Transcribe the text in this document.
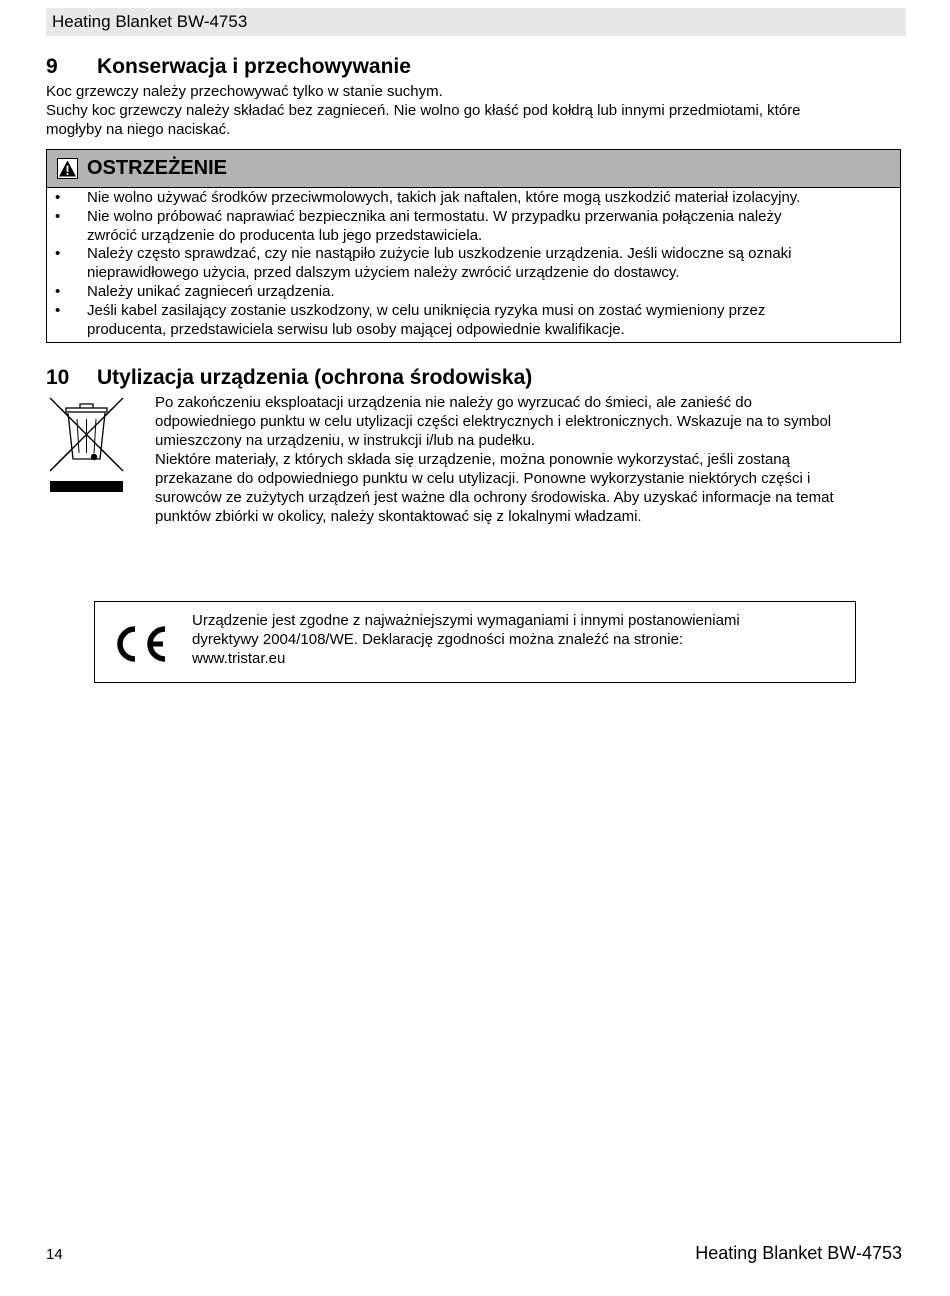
Heating Blanket BW-4753
9 Konserwacja i przechowywanie
Koc grzewczy należy przechowywać tylko w stanie suchym.
Suchy koc grzewczy należy składać bez zagnieceń. Nie wolno go kłaść pod kołdrą lub innymi przedmiotami, które
mogłyby na niego naciskać.
OSTRZEŻENIE
• Nie wolno używać środków przeciwmolowych, takich jak naftalen, które mogą uszkodzić materiał izolacyjny.
• Nie wolno próbować naprawiać bezpiecznika ani termostatu. W przypadku przerwania połączenia należy
zwrócić urządzenie do producenta lub jego przedstawiciela.
• Należy często sprawdzać, czy nie nastąpiło zużycie lub uszkodzenie urządzenia. Jeśli widoczne są oznaki
nieprawidłowego użycia, przed dalszym użyciem należy zwrócić urządzenie do dostawcy.
• Należy unikać zagnieceń urządzenia.
• Jeśli kabel zasilający zostanie uszkodzony, w celu uniknięcia ryzyka musi on zostać wymieniony przez
producenta, przedstawiciela serwisu lub osoby mającej odpowiednie kwalifikacje.
10 Utylizacja urządzenia (ochrona środowiska)
Po zakończeniu eksploatacji urządzenia nie należy go wyrzucać do śmieci, ale zanieść do
odpowiedniego punktu w celu utylizacji części elektrycznych i elektronicznych. Wskazuje na to symbol
umieszczony na urządzeniu, w instrukcji i/lub na pudełku.
Niektóre materiały, z których składa się urządzenie, można ponownie wykorzystać, jeśli zostaną
przekazane do odpowiedniego punktu w celu utylizacji. Ponowne wykorzystanie niektórych części i
surowców ze zużytych urządzeń jest ważne dla ochrony środowiska. Aby uzyskać informacje na temat
punktów zbiórki w okolicy, należy skontaktować się z lokalnymi władzami.
Urządzenie jest zgodne z najważniejszymi wymaganiami i innymi postanowieniami
dyrektywy 2004/108/WE. Deklarację zgodności można znaleźć na stronie:
www.tristar.eu
14	Heating Blanket BW-4753
